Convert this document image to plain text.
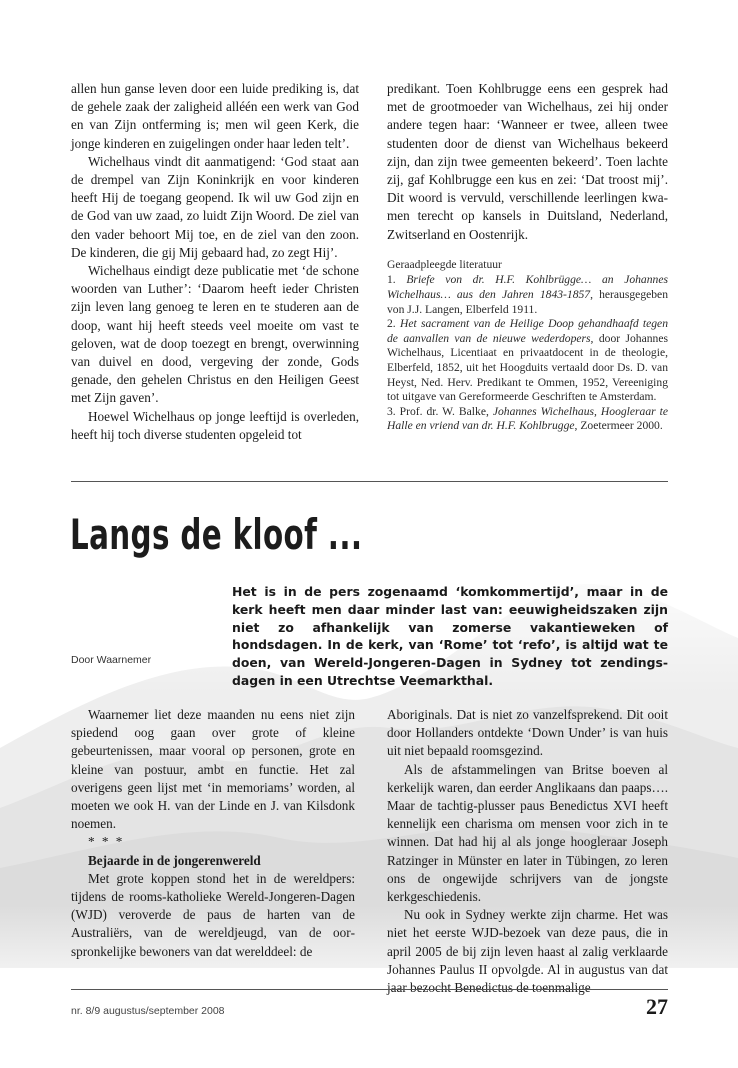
allen hun ganse leven door een luide prediking is, dat de gehele zaak der zaligheid alléén een werk van God en van Zijn ontferming is; men wil geen Kerk, die jonge kinderen en zuigelingen onder haar leden telt’.

Wichelhaus vindt dit aanmatigend: ‘God staat aan de drempel van Zijn Koninkrijk en voor kinderen heeft Hij de toegang geopend. Ik wil uw God zijn en de God van uw zaad, zo luidt Zijn Woord. De ziel van den vader behoort Mij toe, en de ziel van den zoon. De kinderen, die gij Mij gebaard had, zo zegt Hij’.

Wichelhaus eindigt deze publicatie met ‘de schone woorden van Luther’: ‘Daarom heeft ieder Christen zijn leven lang genoeg te leren en te studeren aan de doop, want hij heeft steeds veel moeite om vast te geloven, wat de doop toezegt en brengt, overwinning van duivel en dood, vergeving der zonde, Gods genade, den gehelen Christus en den Heiligen Geest met Zijn gaven’.

Hoewel Wichelhaus op jonge leeftijd is overleden, heeft hij toch diverse studenten opgeleid tot

predikant. Toen Kohlbrugge eens een gesprek had met de grootmoeder van Wichelhaus, zei hij onder andere tegen haar: ‘Wanneer er twee, alleen twee studenten door de dienst van Wichelhaus bekeerd zijn, dan zijn twee gemeenten bekeerd’. Toen lachte zij, gaf Kohlbrugge een kus en zei: ‘Dat troost mij’. Dit woord is vervuld, verschillende leerlingen kwamen terecht op kansels in Duitsland, Nederland, Zwitserland en Oostenrijk.

Geraadpleegde literatuur

1. Briefe von dr. H.F. Kohlbrügge… an Johannes Wichelhaus… aus den Jahren 1843-1857, herausgegeben von J.J. Langen, Elberfeld 1911.

2. Het sacrament van de Heilige Doop gehandhaafd tegen de aanvallen van de nieuwe wederdopers, door Johannes Wichelhaus, Licentiaat en privaatdocent in de theologie, Elberfeld, 1852, uit het Hoogduits vertaald door Ds. D. van Heyst, Ned. Herv. Predikant te Ommen, 1952, Vereeniging tot uitgave van Gereformeerde Geschriften te Amsterdam.

3. Prof. dr. W. Balke, Johannes Wichelhaus, Hoogleraar te Halle en vriend van dr. H.F. Kohlbrugge, Zoetermeer 2000.

Langs de kloof ...
Het is in de pers zogenaamd ‘komkommertijd’, maar in de kerk heeft men daar minder last van: eeuwigheidszaken zijn niet zo afhankelijk van zomerse vakantieweken of hondsdagen. In de kerk, van ‘Rome’ tot ‘refo’, is altijd wat te doen, van Wereld-Jongeren-Dagen in Sydney tot zendingsdagen in een Utrechtse Veemarkthal.
Door Waarnemer

Waarnemer liet deze maanden nu eens niet zijn spiedend oog gaan over grote of kleine gebeurtenissen, maar vooral op personen, grote en kleine van postuur, ambt en functie. Het zal overigens geen lijst met ‘in memoriams’ worden, al moeten we ook H. van der Linde en J. van Kilsdonk noemen.

* * *

Bejaarde in de jongerenwereld

Met grote koppen stond het in de wereldpers: tijdens de rooms-katholieke Wereld-Jongeren-Dagen (WJD) veroverde de paus de harten van de Australiërs, van de wereldjeugd, van de oorspronkelijke bewoners van dat werelddeel: de

Aboriginals. Dat is niet zo vanzelfsprekend. Dit ooit door Hollanders ontdekte ‘Down Under’ is van huis uit niet bepaald roomsgezind.

Als de afstammelingen van Britse boeven al kerkelijk waren, dan eerder Anglikaans dan paaps…. Maar de tachtig-plusser paus Benedictus XVI heeft kennelijk een charisma om mensen voor zich in te winnen. Dat had hij al als jonge hoogleraar Joseph Ratzinger in Münster en later in Tübingen, zo leren ons de ongewijde schrijvers van de jongste kerkgeschiedenis.

Nu ook in Sydney werkte zijn charme. Het was niet het eerste WJD-bezoek van deze paus, die in april 2005 de bij zijn leven haast al zalig verklaarde Johannes Paulus II opvolgde. Al in augustus van dat jaar bezocht Benedictus de toenmalige

nr. 8/9 augustus/september 2008	27
